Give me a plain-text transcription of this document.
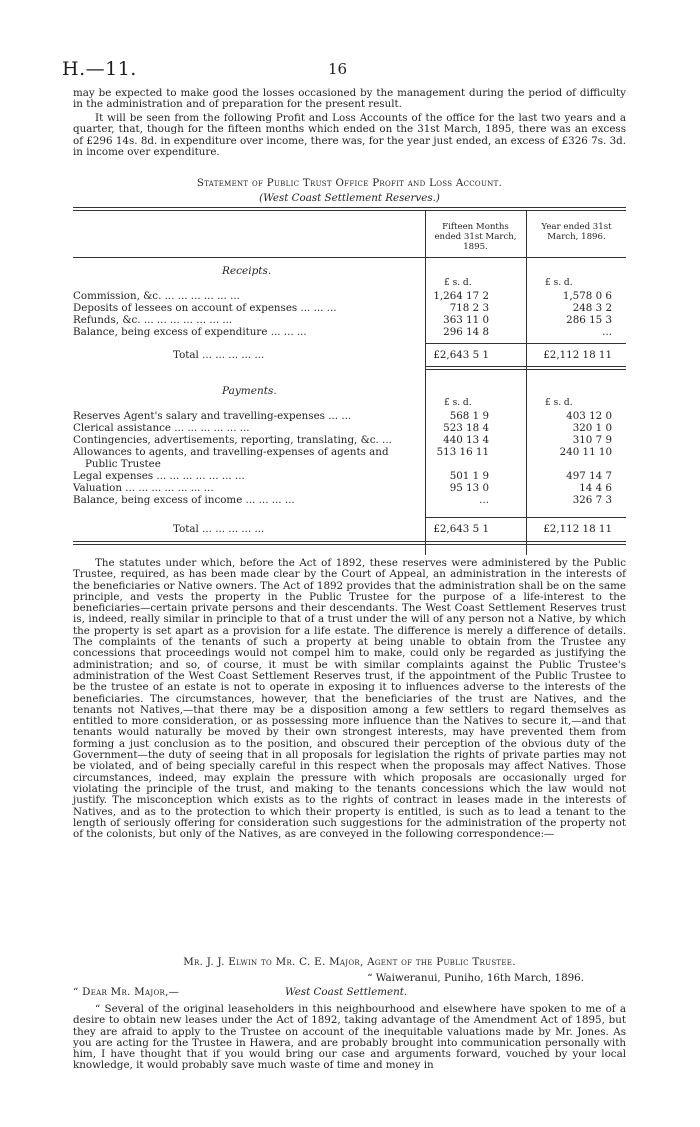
H.—11.	16

may be expected to make good the losses occasioned by the management during the period of difficulty in the administration and of preparation for the present result.

It will be seen from the following Profit and Loss Accounts of the office for the last two years and a quarter, that, though for the fifteen months which ended on the 31st March, 1895, there was an excess of £296 14s. 8d. in expenditure over income, there was, for the year just ended, an excess of £326 7s. 3d. in income over expenditure.

Statement of Public Trust Office Profit and Loss Account.
(West Coast Settlement Reserves.)
Fifteen Months ended 31st March, 1895.
Year ended 31st March, 1896.
Receipts.
£ s. d.	£ s. d.
Commission, &c. ... ... ... ... ... ...	1,264 17 2	1,578 0 6
Deposits of lessees on account of expenses ... ... ...	718 2 3	248 3 2
Refunds, &c. ... ... ... ... ... ... ...	363 11 0	286 15 3
Balance, being excess of expenditure ... ... ...	296 14 8	...
Total ... ... ... ... ...	£2,643 5 1	£2,112 18 11
Payments.
£ s. d.	£ s. d.
Reserves Agent's salary and travelling-expenses ... ...	568 1 9	403 12 0
Clerical assistance ... ... ... ... ... ...	523 18 4	320 1 0
Contingencies, advertisements, reporting, translating, &c. ...	440 13 4	310 7 9
Allowances to agents, and travelling-expenses of agents and	513 16 11	240 11 10
Public Trustee
Legal expenses ... ... ... ... ... ... ...	501 1 9	497 14 7
Valuation ... ... ... ... ... ... ...	95 13 0	14 4 6
Balance, being excess of income ... ... ... ...	...	326 7 3
Total ... ... ... ... ...	£2,643 5 1	£2,112 18 11

The statutes under which, before the Act of 1892, these reserves were administered by the Public Trustee, required, as has been made clear by the Court of Appeal, an administration in the interests of the beneficiaries or Native owners. The Act of 1892 provides that the administration shall be on the same principle, and vests the property in the Public Trustee for the purpose of a life-interest to the beneficiaries—certain private persons and their descendants. The West Coast Settlement Reserves trust is, indeed, really similar in principle to that of a trust under the will of any person not a Native, by which the property is set apart as a provision for a life estate. The difference is merely a difference of details. The complaints of the tenants of such a property at being unable to obtain from the Trustee any concessions that proceedings would not compel him to make, could only be regarded as justifying the administration; and so, of course, it must be with similar complaints against the Public Trustee's administration of the West Coast Settlement Reserves trust, if the appointment of the Public Trustee to be the trustee of an estate is not to operate in exposing it to influences adverse to the interests of the beneficiaries. The circumstances, however, that the beneficiaries of the trust are Natives, and the tenants not Natives,—that there may be a disposition among a few settlers to regard themselves as entitled to more consideration, or as possessing more influence than the Natives to secure it,—and that tenants would naturally be moved by their own strongest interests, may have prevented them from forming a just conclusion as to the position, and obscured their perception of the obvious duty of the Government—the duty of seeing that in all proposals for legislation the rights of private parties may not be violated, and of being specially careful in this respect when the proposals may affect Natives. Those circumstances, indeed, may explain the pressure with which proposals are occasionally urged for violating the principle of the trust, and making to the tenants concessions which the law would not justify. The misconception which exists as to the rights of contract in leases made in the interests of Natives, and as to the protection to which their property is entitled, is such as to lead a tenant to the length of seriously offering for consideration such suggestions for the administration of the property not of the colonists, but only of the Natives, as are conveyed in the following correspondence:—

Mr. J. J. Elwin to Mr. C. E. Major, Agent of the Public Trustee.
“ Waiweranui, Puniho, 16th March, 1896.
“ Dear Mr. Major,—	West Coast Settlement.

“ Several of the original leaseholders in this neighbourhood and elsewhere have spoken to me of a desire to obtain new leases under the Act of 1892, taking advantage of the Amendment Act of 1895, but they are afraid to apply to the Trustee on account of the inequitable valuations made by Mr. Jones. As you are acting for the Trustee in Hawera, and are probably brought into communication personally with him, I have thought that if you would bring our case and arguments forward, vouched by your local knowledge, it would probably save much waste of time and money in
